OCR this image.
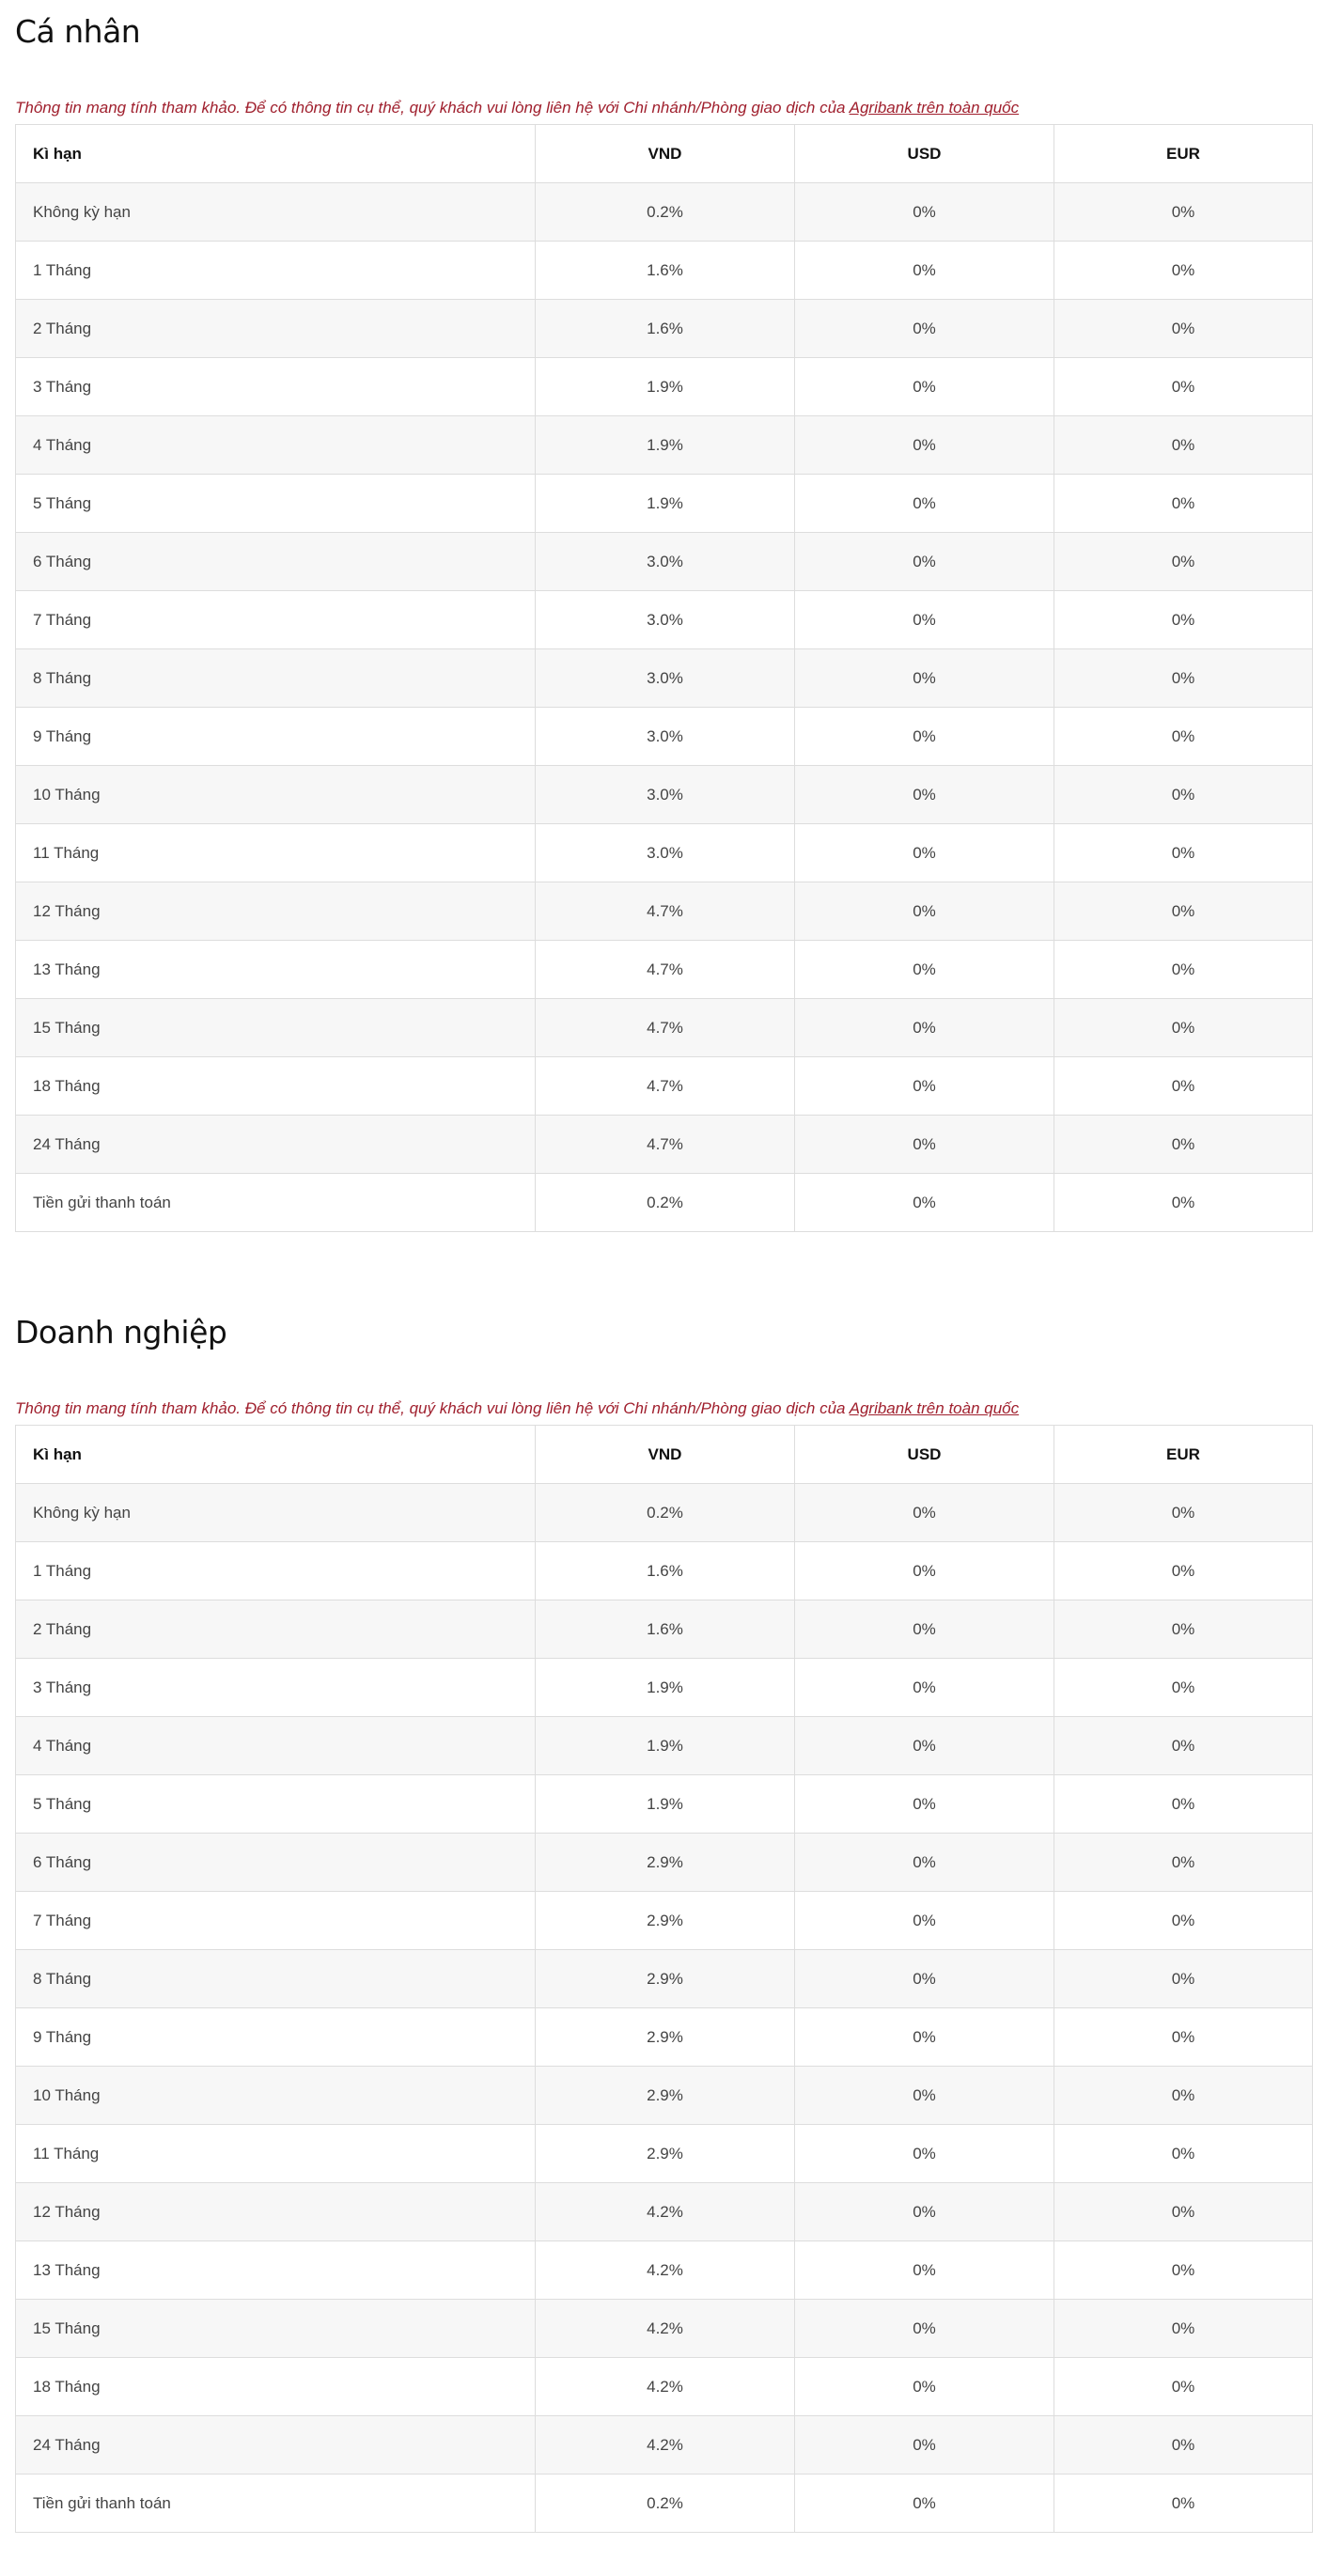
Cá nhân
Thông tin mang tính tham khảo. Để có thông tin cụ thể, quý khách vui lòng liên hệ với Chi nhánh/Phòng giao dịch của Agribank trên toàn quốc
Kì hạn	VND	USD	EUR
Không kỳ hạn	0.2%	0%	0%
1 Tháng	1.6%	0%	0%
2 Tháng	1.6%	0%	0%
3 Tháng	1.9%	0%	0%
4 Tháng	1.9%	0%	0%
5 Tháng	1.9%	0%	0%
6 Tháng	3.0%	0%	0%
7 Tháng	3.0%	0%	0%
8 Tháng	3.0%	0%	0%
9 Tháng	3.0%	0%	0%
10 Tháng	3.0%	0%	0%
11 Tháng	3.0%	0%	0%
12 Tháng	4.7%	0%	0%
13 Tháng	4.7%	0%	0%
15 Tháng	4.7%	0%	0%
18 Tháng	4.7%	0%	0%
24 Tháng	4.7%	0%	0%
Tiền gửi thanh toán	0.2%	0%	0%
Doanh nghiệp
Thông tin mang tính tham khảo. Để có thông tin cụ thể, quý khách vui lòng liên hệ với Chi nhánh/Phòng giao dịch của Agribank trên toàn quốc
Kì hạn	VND	USD	EUR
Không kỳ hạn	0.2%	0%	0%
1 Tháng	1.6%	0%	0%
2 Tháng	1.6%	0%	0%
3 Tháng	1.9%	0%	0%
4 Tháng	1.9%	0%	0%
5 Tháng	1.9%	0%	0%
6 Tháng	2.9%	0%	0%
7 Tháng	2.9%	0%	0%
8 Tháng	2.9%	0%	0%
9 Tháng	2.9%	0%	0%
10 Tháng	2.9%	0%	0%
11 Tháng	2.9%	0%	0%
12 Tháng	4.2%	0%	0%
13 Tháng	4.2%	0%	0%
15 Tháng	4.2%	0%	0%
18 Tháng	4.2%	0%	0%
24 Tháng	4.2%	0%	0%
Tiền gửi thanh toán	0.2%	0%	0%
